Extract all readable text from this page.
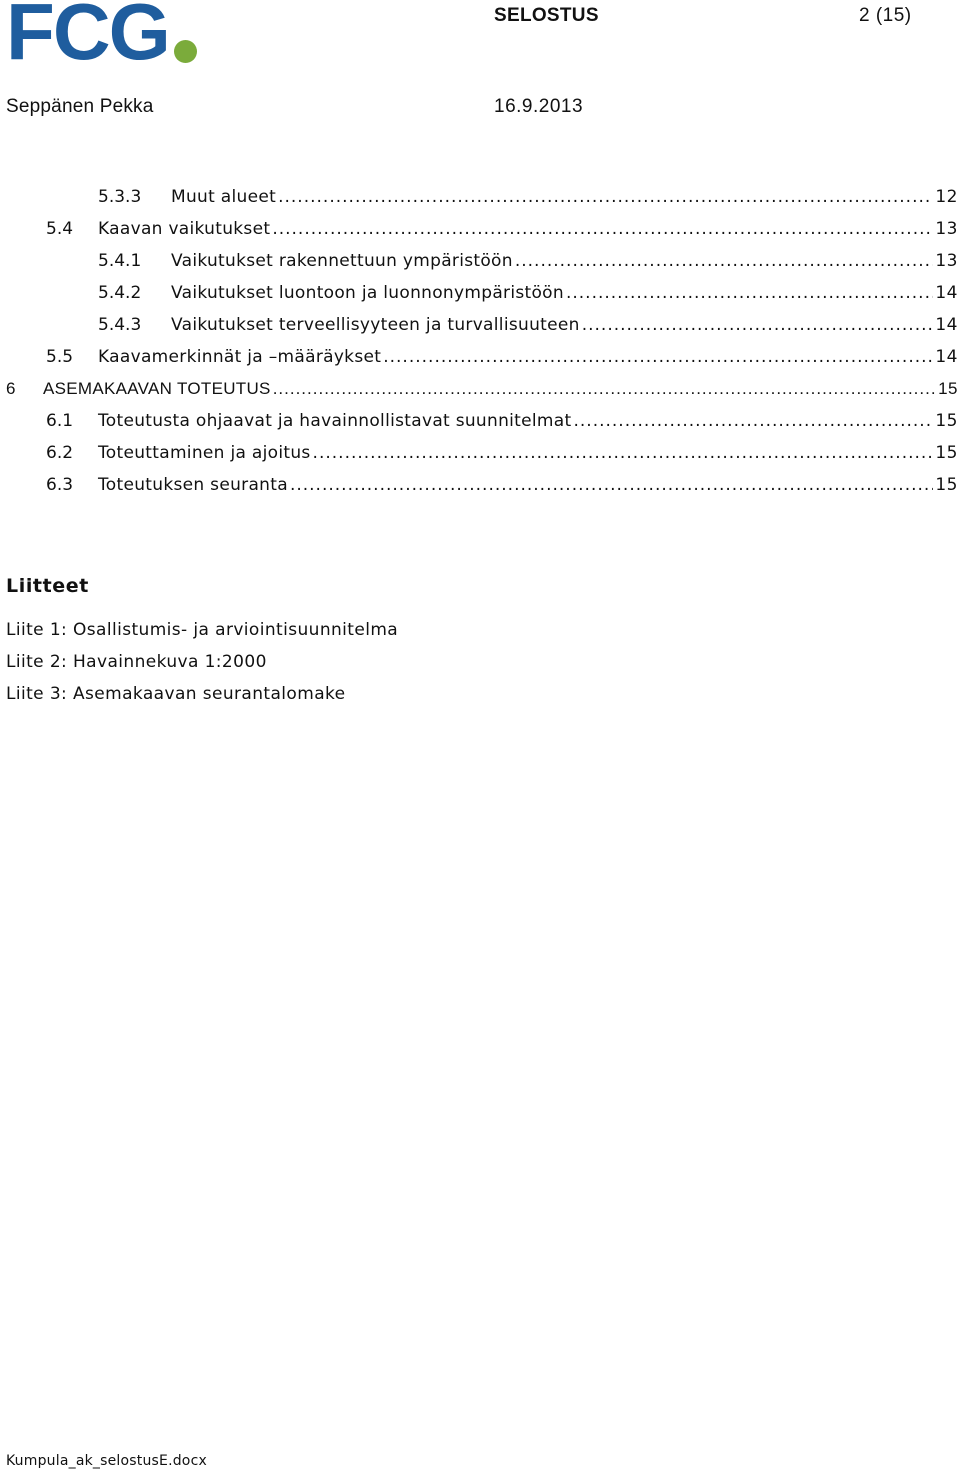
FCG	SELOSTUS	2 (15)
Seppänen Pekka	16.9.2013
5.3.3 Muut alueet .....	12
5.4 Kaavan vaikutukset .....	13
5.4.1 Vaikutukset rakennettuun ympäristöön .....	13
5.4.2 Vaikutukset luontoon ja luonnonympäristöön .....	14
5.4.3 Vaikutukset terveellisyyteen ja turvallisuuteen .....	14
5.5 Kaavamerkinnät ja –määräykset .....	14
6 ASEMAKAAVAN TOTEUTUS .....	15
6.1 Toteutusta ohjaavat ja havainnollistavat suunnitelmat .....	15
6.2 Toteuttaminen ja ajoitus .....	15
6.3 Toteutuksen seuranta .....	15
Liitteet
Liite 1: Osallistumis- ja arviointisuunnitelma
Liite 2: Havainnekuva 1:2000
Liite 3: Asemakaavan seurantalomake
Kumpula_ak_selostusE.docx
